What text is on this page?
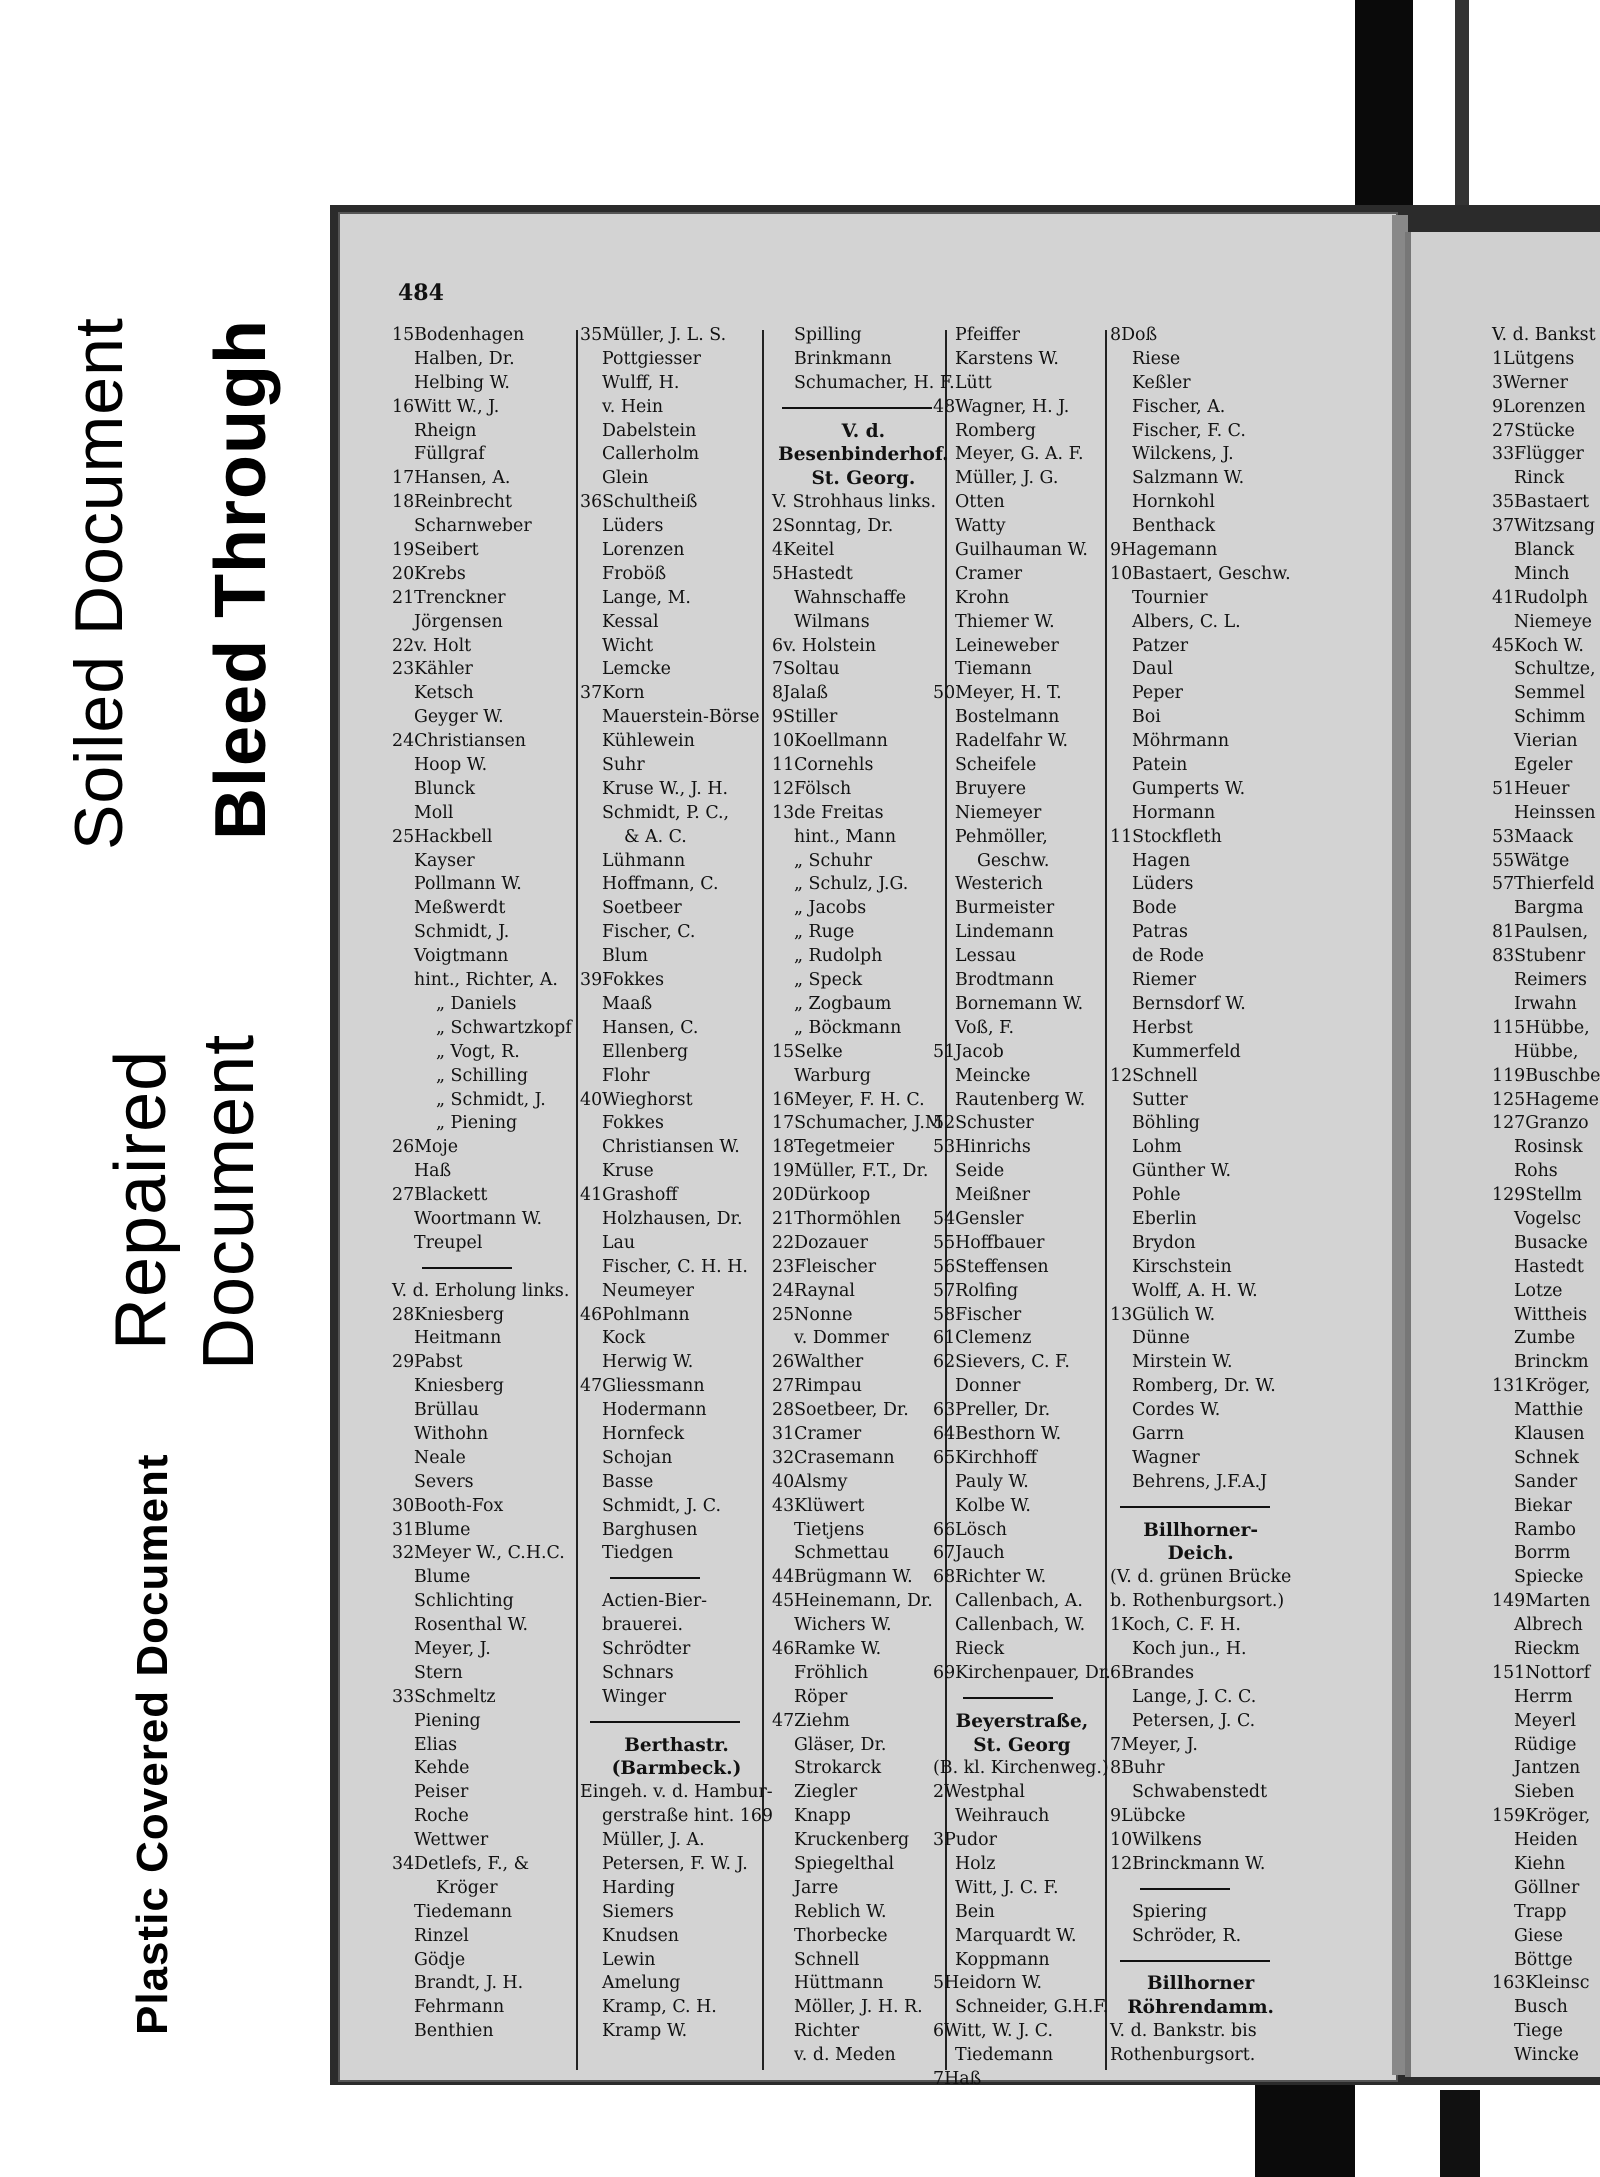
Soiled Document Bleed Through
Repaired Document
Plastic Covered Document
484
15Bodenhagen
Halben, Dr.
Helbing W.
16Witt W., J.
Rheign
Füllgraf
17Hansen, A.
18Reinbrecht
Scharnweber
19Seibert
20Krebs
21Trenckner
Jörgensen
22v. Holt
23Kähler
Ketsch
Geyger W.
24Christiansen
Hoop W.
Blunck
Moll
25Hackbell
Kayser
Pollmann W.
Meßwerdt
Schmidt, J.
Voigtmann
hint., Richter, A.
„ Daniels
„ Schwartzkopf
„ Vogt, R.
„ Schilling
„ Schmidt, J.
„ Piening
26Moje
Haß
27Blackett
Woortmann W.
Treupel
V. d. Erholung links.
28Kniesberg
Heitmann
29Pabst
Kniesberg
Brüllau
Withohn
Neale
Severs
30Booth-Fox
31Blume
32Meyer W., C.H.C.
Blume
Schlichting
Rosenthal W.
Meyer, J.
Stern
33Schmeltz
Piening
Elias
Kehde
Peiser
Roche
Wettwer
34Detlefs, F., &
Kröger
Tiedemann
Rinzel
Gödje
Brandt, J. H.
Fehrmann
Benthien
35Müller, J. L. S.
Pottgiesser
Wulff, H.
v. Hein
Dabelstein
Callerholm
Glein
36Schultheiß
Lüders
Lorenzen
Froböß
Lange, M.
Kessal
Wicht
Lemcke
37Korn
Mauerstein-Börse
Kühlewein
Suhr
Kruse W., J. H.
Schmidt, P. C.,
& A. C.
Lühmann
Hoffmann, C.
Soetbeer
Fischer, C.
Blum
39Fokkes
Maaß
Hansen, C.
Ellenberg
Flohr
40Wieghorst
Fokkes
Christiansen W.
Kruse
41Grashoff
Holzhausen, Dr.
Lau
Fischer, C. H. H.
Neumeyer
46Pohlmann
Kock
Herwig W.
47Gliessmann
Hodermann
Hornfeck
Schojan
Basse
Schmidt, J. C.
Barghusen
Tiedgen
Actien-Bier-
brauerei.
Schrödter
Schnars
Winger
Berthastr.
(Barmbeck.)
Eingeh. v. d. Hambur-
gerstraße hint. 169
Müller, J. A.
Petersen, F. W. J.
Harding
Siemers
Knudsen
Lewin
Amelung
Kramp, C. H.
Kramp W.
Spilling
Brinkmann
Schumacher, H. F.
V. d.
Besenbinderhof.
St. Georg.
V. Strohhaus links.
2Sonntag, Dr.
4Keitel
5Hastedt
Wahnschaffe
Wilmans
6v. Holstein
7Soltau
8Jalaß
9Stiller
10Koellmann
11Cornehls
12Fölsch
13de Freitas
hint., Mann
„ Schuhr
„ Schulz, J.G.
„ Jacobs
„ Ruge
„ Rudolph
„ Speck
„ Zogbaum
„ Böckmann
15Selke
Warburg
16Meyer, F. H. C.
17Schumacher, J.M
18Tegetmeier
19Müller, F.T., Dr.
20Dürkoop
21Thormöhlen
22Dozauer
23Fleischer
24Raynal
25Nonne
v. Dommer
26Walther
27Rimpau
28Soetbeer, Dr.
31Cramer
32Crasemann
40Alsmy
43Klüwert
Tietjens
Schmettau
44Brügmann W.
45Heinemann, Dr.
Wichers W.
46Ramke W.
Fröhlich
Röper
47Ziehm
Gläser, Dr.
Strokarck
Ziegler
Knapp
Kruckenberg
Spiegelthal
Jarre
Reblich W.
Thorbecke
Schnell
Hüttmann
Möller, J. H. R.
Richter
v. d. Meden
Pfeiffer
Karstens W.
Lütt
48Wagner, H. J.
Romberg
Meyer, G. A. F.
Müller, J. G.
Otten
Watty
Guilhauman W.
Cramer
Krohn
Thiemer W.
Leineweber
Tiemann
50Meyer, H. T.
Bostelmann
Radelfahr W.
Scheifele
Bruyere
Niemeyer
Pehmöller,
Geschw.
Westerich
Burmeister
Lindemann
Lessau
Brodtmann
Bornemann W.
Voß, F.
51Jacob
Meincke
Rautenberg W.
52Schuster
53Hinrichs
Seide
Meißner
54Gensler
55Hoffbauer
56Steffensen
57Rolfing
58Fischer
61Clemenz
62Sievers, C. F.
Donner
63Preller, Dr.
64Besthorn W.
65Kirchhoff
Pauly W.
Kolbe W.
66Lösch
67Jauch
68Richter W.
Callenbach, A.
Callenbach, W.
Rieck
69Kirchenpauer, Dr.
Beyerstraße,
St. Georg
(B. kl. Kirchenweg.)
2Westphal
Weihrauch
3Pudor
Holz
Witt, J. C. F.
Bein
Marquardt W.
Koppmann
5Heidorn W.
Schneider, G.H.F.
6Witt, W. J. C.
Tiedemann
7Haß
8Doß
Riese
Keßler
Fischer, A.
Fischer, F. C.
Wilckens, J.
Salzmann W.
Hornkohl
Benthack
9Hagemann
10Bastaert, Geschw.
Tournier
Albers, C. L.
Patzer
Daul
Peper
Boi
Möhrmann
Patein
Gumperts W.
Hormann
11Stockfleth
Hagen
Lüders
Bode
Patras
de Rode
Riemer
Bernsdorf W.
Herbst
Kummerfeld
12Schnell
Sutter
Böhling
Lohm
Günther W.
Pohle
Eberlin
Brydon
Kirschstein
Wolff, A. H. W.
13Gülich W.
Dünne
Mirstein W.
Romberg, Dr. W.
Cordes W.
Garrn
Wagner
Behrens, J.F.A.J
Billhorner-
Deich.
(V. d. grünen Brücke
b. Rothenburgsort.)
1Koch, C. F. H.
Koch jun., H.
6Brandes
Lange, J. C. C.
Petersen, J. C.
7Meyer, J.
8Buhr
Schwabenstedt
9Lübcke
10Wilkens
12Brinckmann W.
Spiering
Schröder, R.
Billhorner
Röhrendamm.
V. d. Bankstr. bis
Rothenburgsort.
V. d. Bankst
1Lütgens
3Werner
9Lorenzen
27Stücke
33Flügger
Rinck
35Bastaert
37Witzsang
Blanck
Minch
41Rudolph
Niemeye
45Koch W.
Schultze,
Semmel
Schimm
Vierian
Egeler
51Heuer
Heinssen
53Maack
55Wätge
57Thierfeld
Bargma
81Paulsen,
83Stubenr
Reimers
Irwahn
115Hübbe,
Hübbe,
119Buschbe
125Hageme
127Granzo
Rosinsk
Rohs
129Stellm
Vogelsc
Busacke
Hastedt
Lotze
Wittheis
Zumbe
Brinckm
131Kröger,
Matthie
Klausen
Schnek
Sander
Biekar
Rambo
Borrm
Spiecke
149Marten
Albrech
Rieckm
151Nottorf
Herrm
Meyerl
Rüdige
Jantzen
Sieben
159Kröger,
Heiden
Kiehn
Göllner
Trapp
Giese
Böttge
163Kleinsc
Busch
Tiege
Wincke
